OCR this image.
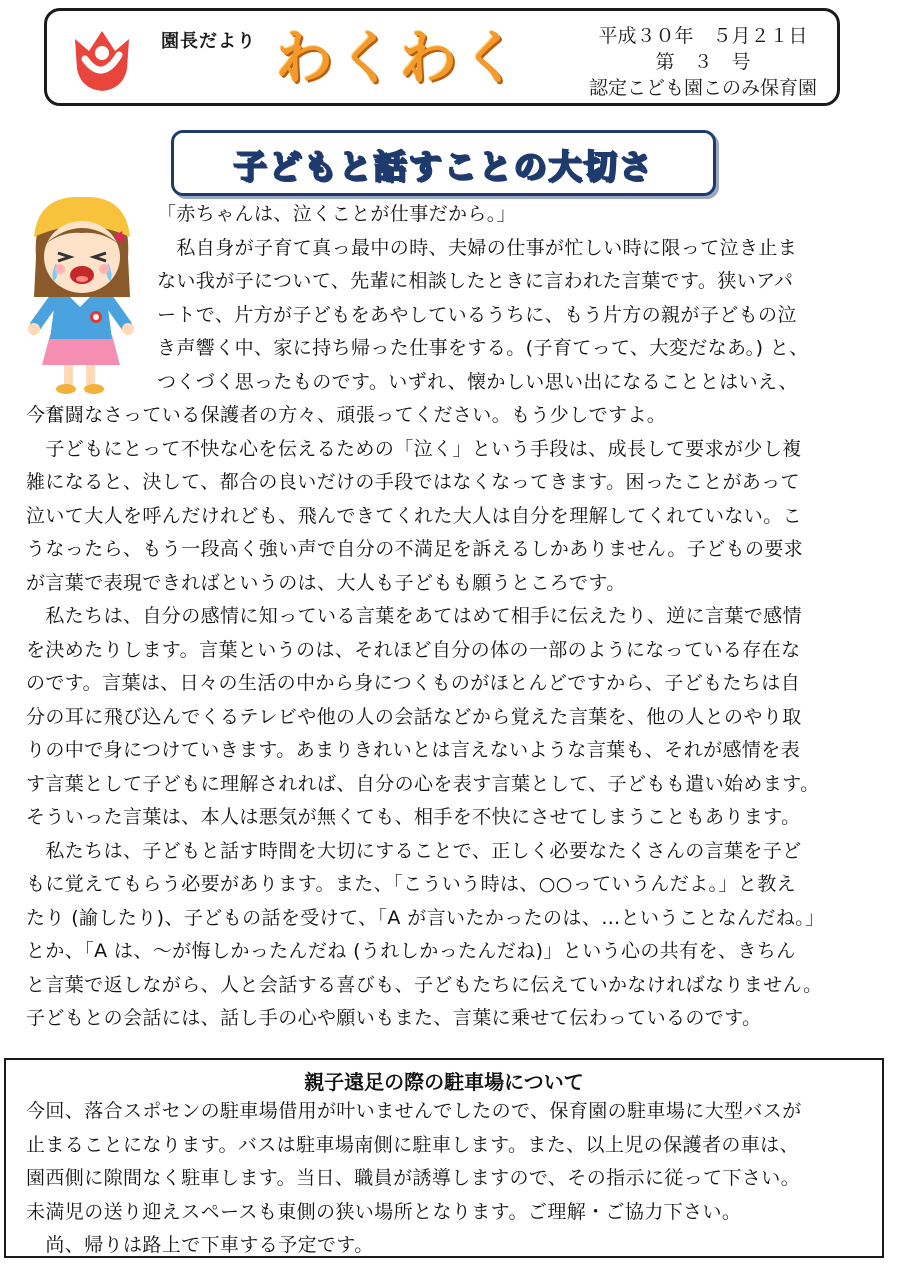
園長だより わくわく	平成３０年　５月２１日
第　３　号
認定こども園このみ保育園
子どもと話すことの大切さ
「赤ちゃんは、泣くことが仕事だから。」
　私自身が子育て真っ最中の時、夫婦の仕事が忙しい時に限って泣き止ま
ない我が子について、先輩に相談したときに言われた言葉です。狭いアパ
ートで、片方が子どもをあやしているうちに、もう片方の親が子どもの泣
き声響く中、家に持ち帰った仕事をする。(子育てって、大変だなあ。) と、
つくづく思ったものです。いずれ、懐かしい思い出になることとはいえ、
今奮闘なさっている保護者の方々、頑張ってください。もう少しですよ。
　子どもにとって不快な心を伝えるための「泣く」という手段は、成長して要求が少し複
雑になると、決して、都合の良いだけの手段ではなくなってきます。困ったことがあって
泣いて大人を呼んだけれども、飛んできてくれた大人は自分を理解してくれていない。こ
うなったら、もう一段高く強い声で自分の不満足を訴えるしかありません。子どもの要求
が言葉で表現できればというのは、大人も子どもも願うところです。
　私たちは、自分の感情に知っている言葉をあてはめて相手に伝えたり、逆に言葉で感情
を決めたりします。言葉というのは、それほど自分の体の一部のようになっている存在な
のです。言葉は、日々の生活の中から身につくものがほとんどですから、子どもたちは自
分の耳に飛び込んでくるテレビや他の人の会話などから覚えた言葉を、他の人とのやり取
りの中で身につけていきます。あまりきれいとは言えないような言葉も、それが感情を表
す言葉として子どもに理解されれば、自分の心を表す言葉として、子どもも遣い始めます。
そういった言葉は、本人は悪気が無くても、相手を不快にさせてしまうこともあります。
　私たちは、子どもと話す時間を大切にすることで、正しく必要なたくさんの言葉を子ど
もに覚えてもらう必要があります。また、「こういう時は、○○っていうんだよ。」と教え
たり (諭したり)、子どもの話を受けて、「A が言いたかったのは、…ということなんだね。」
とか、「A は、～が悔しかったんだね (うれしかったんだね)」という心の共有を、きちん
と言葉で返しながら、人と会話する喜びも、子どもたちに伝えていかなければなりません。
子どもとの会話には、話し手の心や願いもまた、言葉に乗せて伝わっているのです。
親子遠足の際の駐車場について
今回、落合スポセンの駐車場借用が叶いませんでしたので、保育園の駐車場に大型バスが
止まることになります。バスは駐車場南側に駐車します。また、以上児の保護者の車は、
園西側に隙間なく駐車します。当日、職員が誘導しますので、その指示に従って下さい。
未満児の送り迎えスペースも東側の狭い場所となります。ご理解・ご協力下さい。
　尚、帰りは路上で下車する予定です。
